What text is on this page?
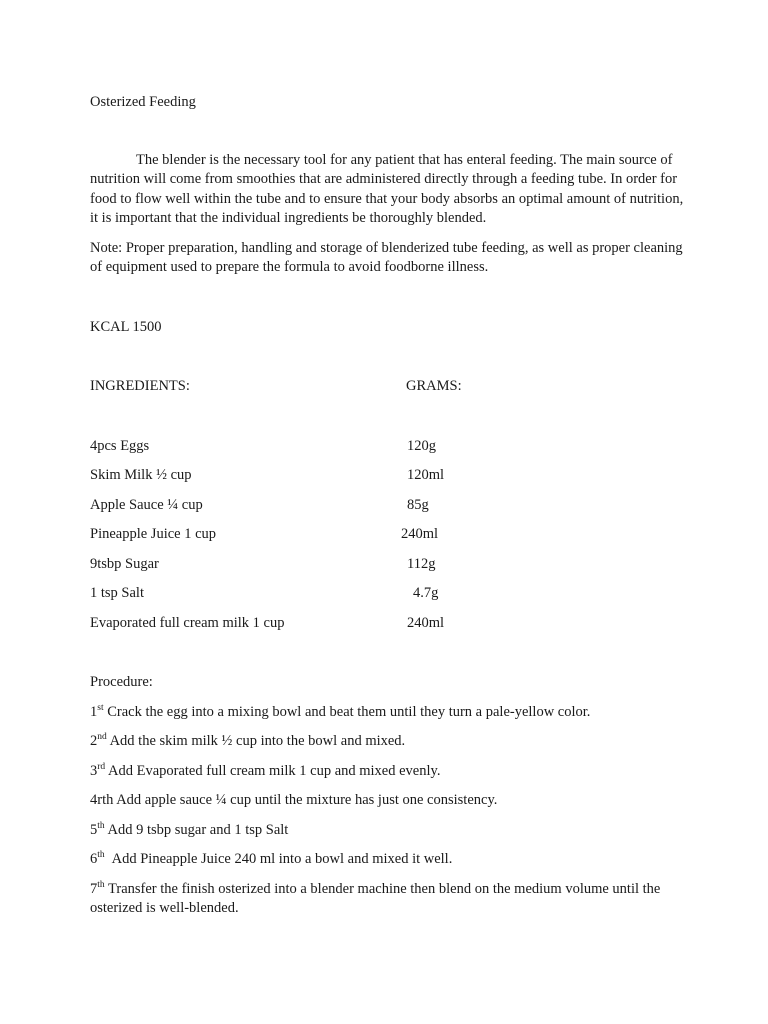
Osterized Feeding
The blender is the necessary tool for any patient that has enteral feeding. The main source of nutrition will come from smoothies that are administered directly through a feeding tube. In order for food to flow well within the tube and to ensure that your body absorbs an optimal amount of nutrition, it is important that the individual ingredients be thoroughly blended.
Note: Proper preparation, handling and storage of blenderized tube feeding, as well as proper cleaning of equipment used to prepare the formula to avoid foodborne illness.
KCAL 1500
INGREDIENTS:	GRAMS:
4pcs Eggs	120g
Skim Milk ½ cup	120ml
Apple Sauce ¼ cup	85g
Pineapple Juice 1 cup	240ml
9tsbp Sugar	112g
1 tsp Salt	4.7g
Evaporated full cream milk 1 cup	240ml
Procedure:
1st Crack the egg into a mixing bowl and beat them until they turn a pale-yellow color.
2nd Add the skim milk ½ cup into the bowl and mixed.
3rd Add Evaporated full cream milk 1 cup and mixed evenly.
4rth Add apple sauce ¼ cup until the mixture has just one consistency.
5th Add 9 tsbp sugar and 1 tsp Salt
6th Add Pineapple Juice 240 ml into a bowl and mixed it well.
7th Transfer the finish osterized into a blender machine then blend on the medium volume until the osterized is well-blended.
